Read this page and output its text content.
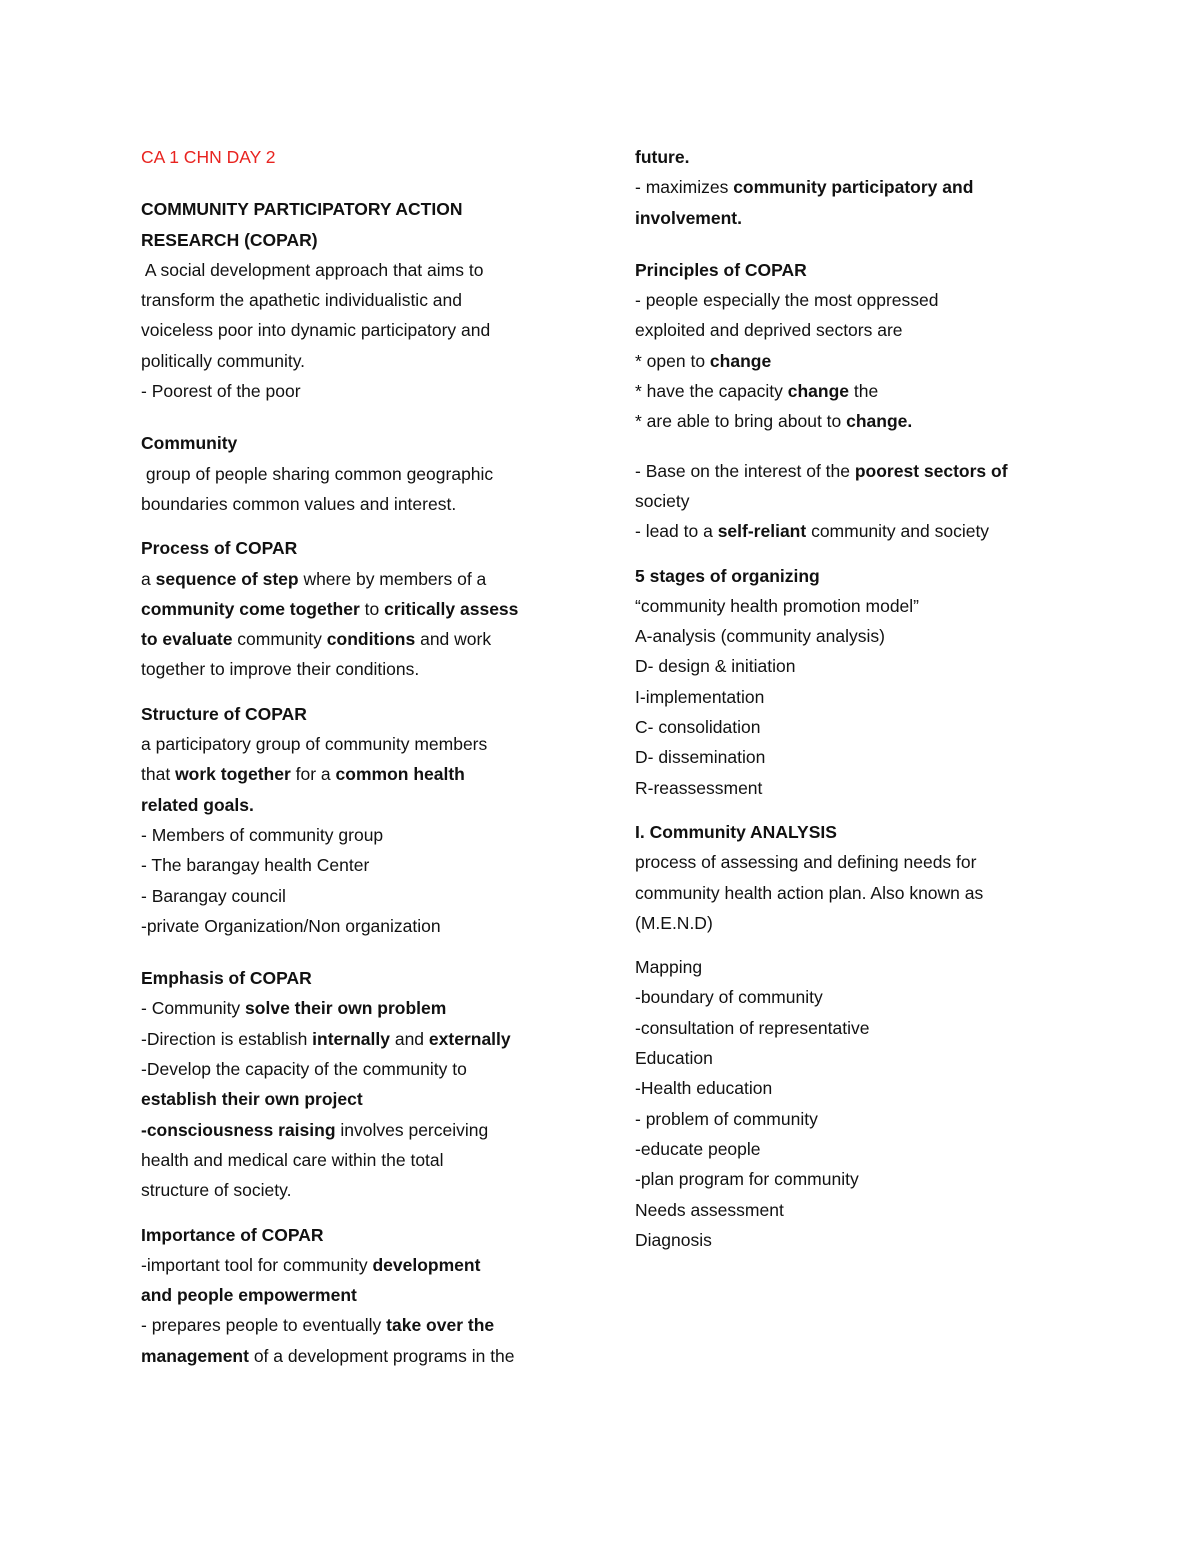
CA 1 CHN DAY 2
COMMUNITY PARTICIPATORY ACTION
RESEARCH (COPAR)
A social development approach that aims to
transform the apathetic individualistic and
voiceless poor into dynamic participatory and
politically community.
- Poorest of the poor
Community
group of people sharing common geographic
boundaries common values and interest.
Process of COPAR
a sequence of step where by members of a
community come together to critically assess
to evaluate community conditions and work
together to improve their conditions.
Structure of COPAR
a participatory group of community members
that work together for a common health
related goals.
- Members of community group
- The barangay health Center
- Barangay council
-private Organization/Non organization
Emphasis of COPAR
- Community solve their own problem
-Direction is establish internally and externally
-Develop the capacity of the community to
establish their own project
-consciousness raising involves perceiving
health and medical care within the total
structure of society.
Importance of COPAR
-important tool for community development
and people empowerment
- prepares people to eventually take over the
management of a development programs in the
future.
- maximizes community participatory and
involvement.
Principles of COPAR
- people especially the most oppressed
exploited and deprived sectors are
* open to change
* have the capacity change the
* are able to bring about to change.
- Base on the interest of the poorest sectors of
society
- lead to a self-reliant community and society
5 stages of organizing
“community health promotion model”
A-analysis (community analysis)
D- design & initiation
I-implementation
C- consolidation
D- dissemination
R-reassessment
I. Community ANALYSIS
process of assessing and defining needs for
community health action plan. Also known as
(M.E.N.D)
Mapping
-boundary of community
-consultation of representative
Education
-Health education
- problem of community
-educate people
-plan program for community
Needs assessment
Diagnosis
